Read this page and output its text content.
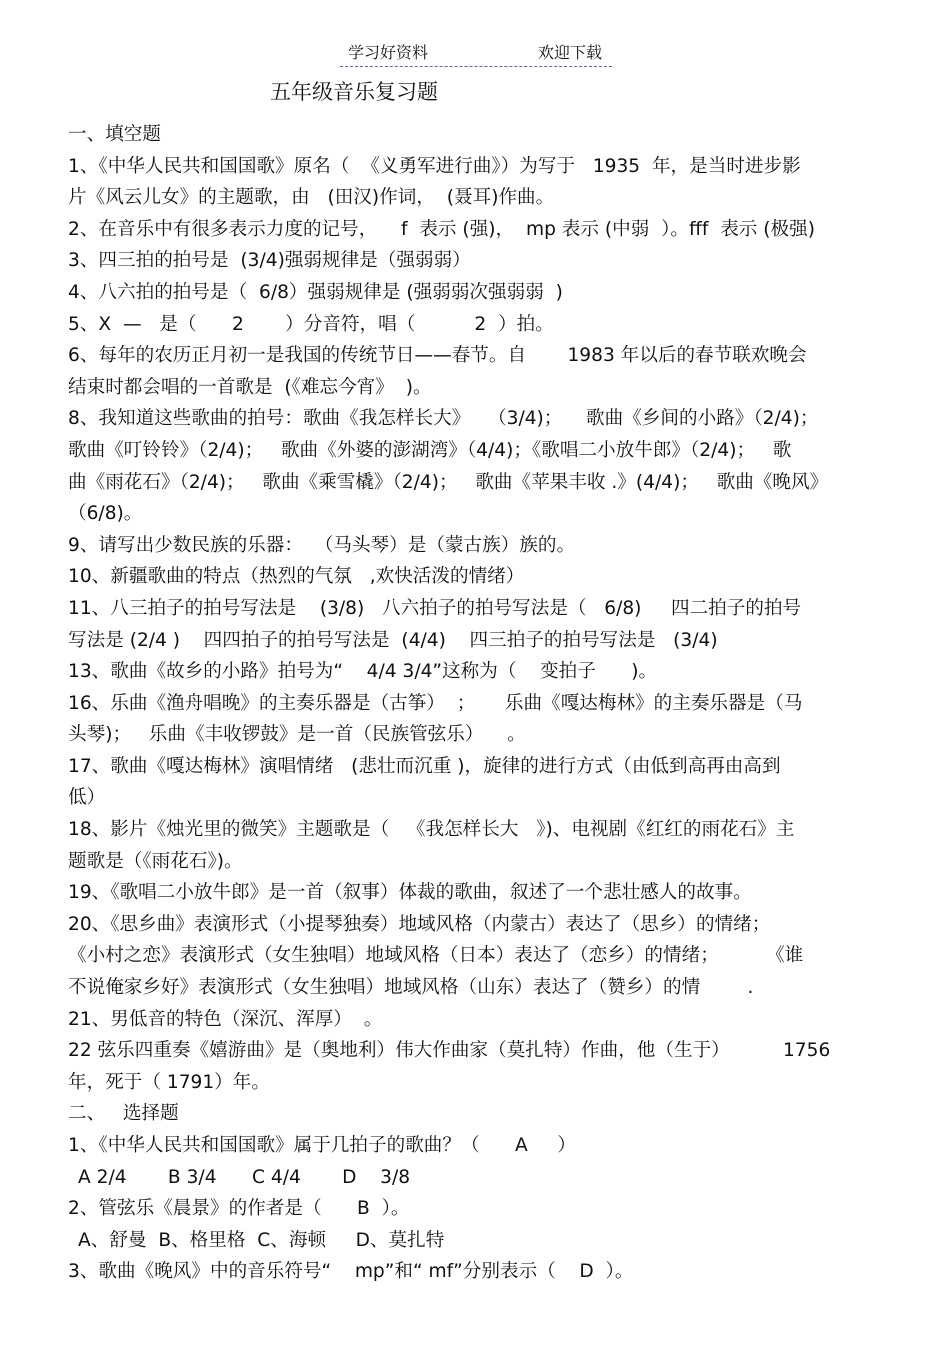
学习好资料	欢迎下载
五年级音乐复习题
一、填空题
1、《中华人民共和国国歌》原名（  《义勇军进行曲》）为写于   1935  年，是当时进步影
片《风云儿女》的主题歌，由   (田汉)作词，  (聂耳)作曲。
2、在音乐中有很多表示力度的记号，    f  表示 (强)，  mp 表示 (中弱  ）。fff  表示 (极强)
3、四三拍的拍号是  (3/4)强弱规律是（强弱弱）
4、八六拍的拍号是（  6/8）强弱规律是 (强弱弱次强弱弱  )
5、X  —   是（      2       ）分音符，唱（          2  ）拍。
6、每年的农历正月初一是我国的传统节日——春节。自       1983 年以后的春节联欢晚会
结束时都会唱的一首歌是  (《难忘今宵》  )。
8、我知道这些歌曲的拍号：歌曲《我怎样长大》   （3/4)；    歌曲《乡间的小路》（2/4)；
歌曲《叮铃铃》（2/4)；   歌曲《外婆的澎湖湾》（4/4)；《歌唱二小放牛郎》（2/4)；   歌
曲《雨花石》（2/4)；   歌曲《乘雪橇》（2/4)；   歌曲《苹果丰收 .》(4/4)；   歌曲《晚风》
（6/8)。
9、请写出少数民族的乐器：  （马头琴）是（蒙古族）族的。
10、新疆歌曲的特点（热烈的气氛   ,欢快活泼的情绪）
11、八三拍子的拍号写法是    (3/8)   八六拍子的拍号写法是（   6/8)     四二拍子的拍号
写法是 (2/4 )    四四拍子的拍号写法是  (4/4)    四三拍子的拍号写法是   (3/4)
13、歌曲《故乡的小路》拍号为“    4/4 3/4”这称为（    变拍子      )。
16、乐曲《渔舟唱晚》的主奏乐器是（古筝）  ；     乐曲《嘎达梅林》的主奏乐器是（马
头琴)；   乐曲《丰收锣鼓》是一首（民族管弦乐）    。
17、歌曲《嘎达梅林》演唱情绪   (悲壮而沉重 )，旋律的进行方式（由低到高再由高到
低）
18、影片《烛光里的微笑》主题歌是（   《我怎样长大   》)、电视剧《红红的雨花石》主
题歌是（《雨花石》)。
19、《歌唱二小放牛郎》是一首（叙事）体裁的歌曲，叙述了一个悲壮感人的故事。
20、《思乡曲》表演形式（小提琴独奏）地域风格（内蒙古）表达了（思乡）的情绪；
《小村之恋》表演形式（女生独唱）地域风格（日本）表达了（恋乡）的情绪；        《谁
不说俺家乡好》表演形式（女生独唱）地域风格（山东）表达了（赞乡）的情        .
21、男低音的特色（深沉、浑厚）  。
22 弦乐四重奏《嬉游曲》是（奥地利）伟大作曲家（莫扎特）作曲，他（生于）         1756
年，死于（ 1791）年。
二、   选择题
1、《中华人民共和国国歌》属于几拍子的歌曲？（      A     ）
A 2/4       B 3/4      C 4/4       D    3/8
2、管弦乐《晨景》的作者是（      B  ）。
A、舒曼  B、格里格  C、海顿     D、莫扎特
3、歌曲《晚风》中的音乐符号“    mp”和“ mf”分别表示（    D  ）。
